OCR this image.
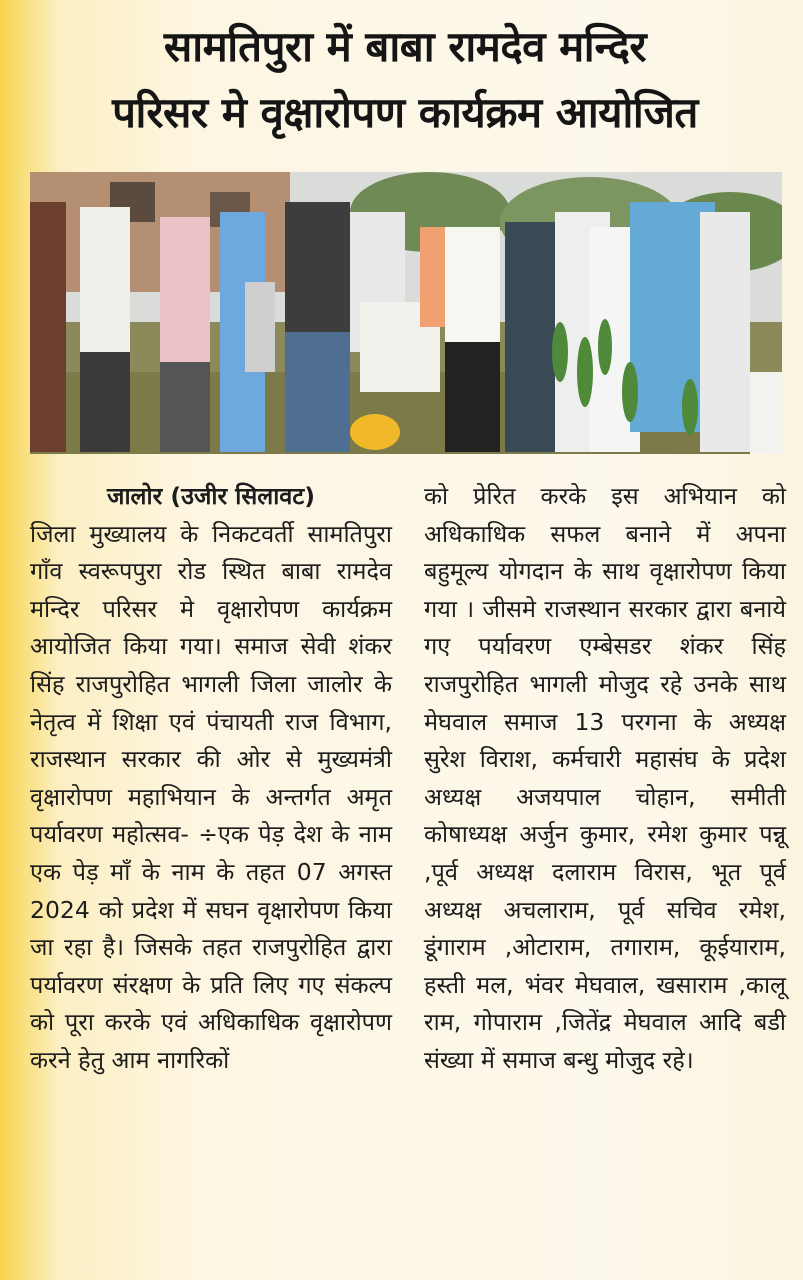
सामतिपुरा में बाबा रामदेव मन्दिर
परिसर मे वृक्षारोपण कार्यक्रम आयोजित
जालोर (उजीर सिलावट)
जिला मुख्यालय के निकटवर्ती सामतिपुरा गाँव स्वरूपपुरा रोड स्थित बाबा रामदेव मन्दिर परिसर मे वृक्षारोपण कार्यक्रम आयोजित किया गया। समाज सेवी शंकर सिंह राजपुरोहित भागली जिला जालोर के नेतृत्व में शिक्षा एवं पंचायती राज विभाग, राजस्थान सरकार की ओर से मुख्यमंत्री वृक्षारोपण महाभियान के अन्तर्गत अमृत पर्यावरण महोत्सव- ÷एक पेड़ देश के नाम एक पेड़ माँ के नाम के तहत 07 अगस्त 2024 को प्रदेश में सघन वृक्षारोपण किया जा रहा है। जिसके तहत राजपुरोहित द्वारा पर्यावरण संरक्षण के प्रति लिए गए संकल्प को पूरा करके एवं अधिकाधिक वृक्षारोपण करने हेतु आम नागरिकों
को प्रेरित करके इस अभियान को अधिकाधिक सफल बनाने में अपना बहुमूल्य योगदान के साथ वृक्षारोपण किया गया । जीसमे राजस्थान सरकार द्वारा बनाये गए पर्यावरण एम्बेसडर शंकर सिंह राजपुरोहित भागली मोजुद रहे उनके साथ मेघवाल समाज 13 परगना के अध्यक्ष सुरेश विराश, कर्मचारी महासंघ के प्रदेश अध्यक्ष अजयपाल चोहान, समीती कोषाध्यक्ष अर्जुन कुमार, रमेश कुमार पन्नू ,पूर्व अध्यक्ष दलाराम विरास, भूत पूर्व अध्यक्ष अचलाराम, पूर्व सचिव रमेश, डूंगाराम ,ओटाराम, तगाराम, कूईयाराम, हस्ती मल, भंवर मेघवाल, खसाराम ,कालू राम, गोपाराम ,जितेंद्र मेघवाल आदि बडी संख्या में समाज बन्धु मोजुद रहे।
